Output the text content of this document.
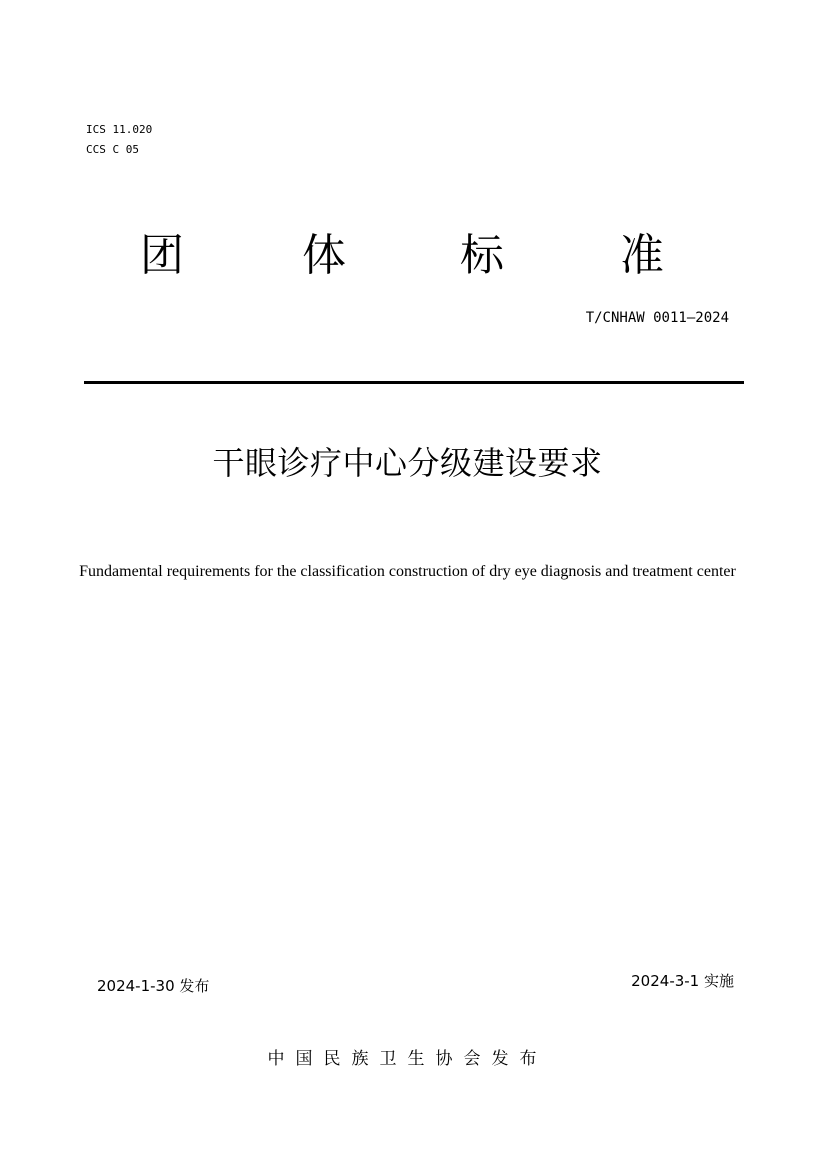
ICS 11.020
CCS C 05
团	体	标	准
T/CNHAW 0011—2024
干眼诊疗中心分级建设要求
Fundamental requirements for the classification construction of dry eye diagnosis and treatment center
2024-1-30 发布	2024-3-1 实施
中国民族卫生协会发布
